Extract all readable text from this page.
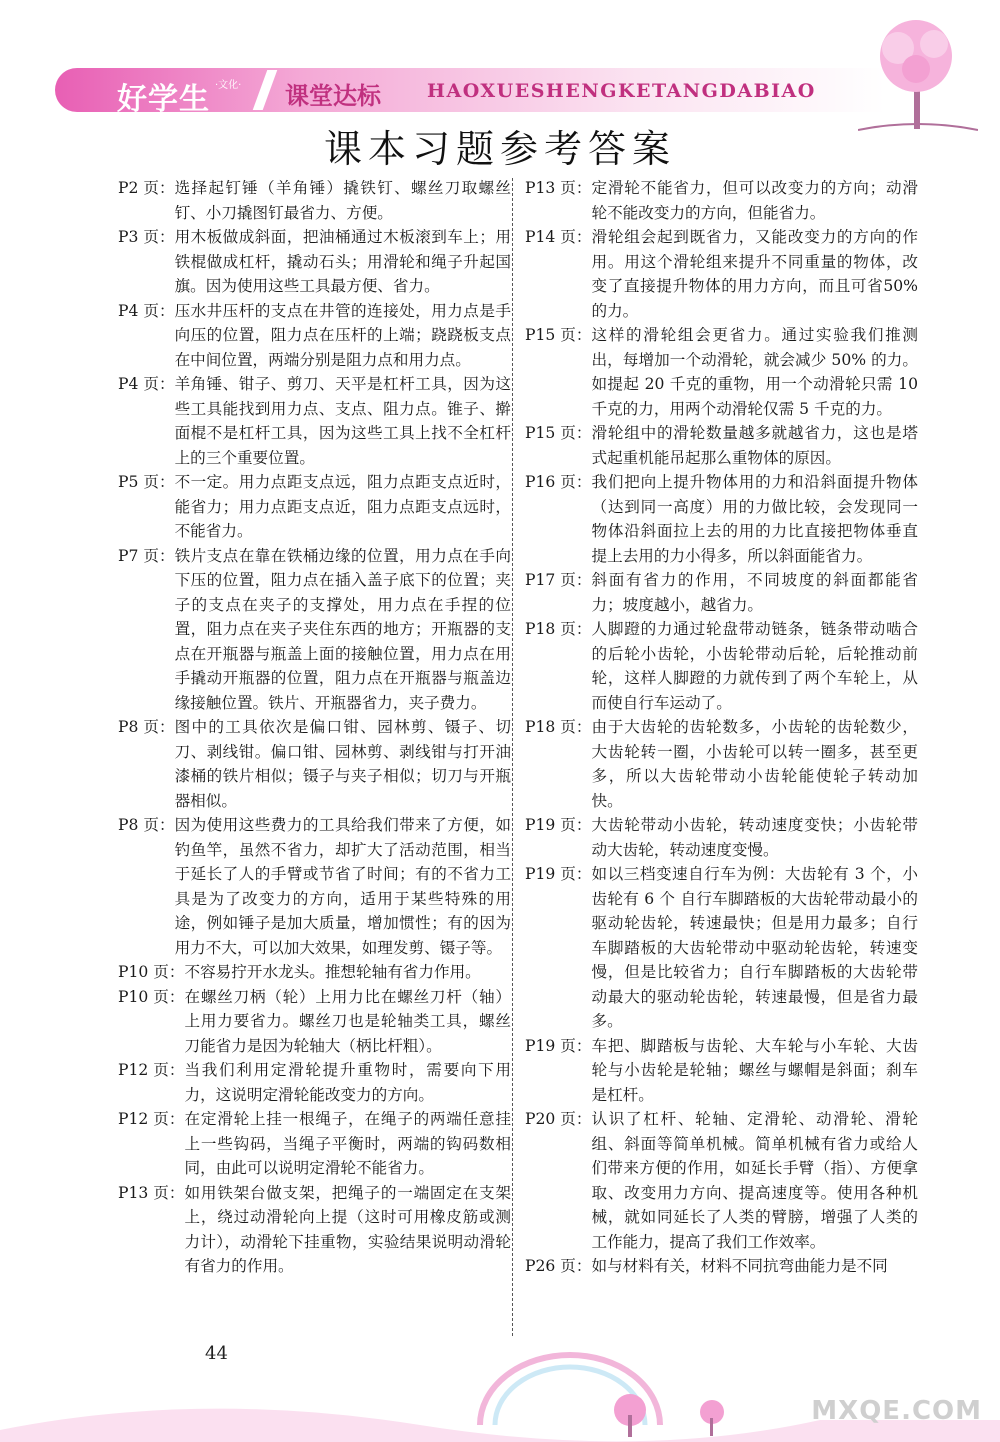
好学生 ·文化· 课堂达标 HAOXUESHENGKETANGDABIAO
课本习题参考答案
P2 页： 选择起钉锤（羊角锤）撬铁钉、螺丝刀取螺丝钉、小刀撬图钉最省力、方便。
P3 页： 用木板做成斜面，把油桶通过木板滚到车上；用铁棍做成杠杆，撬动石头；用滑轮和绳子升起国旗。因为使用这些工具最方便、省力。
P4 页： 压水井压杆的支点在井管的连接处，用力点是手向压的位置，阻力点在压杆的上端；跷跷板支点在中间位置，两端分别是阻力点和用力点。
P4 页： 羊角锤、钳子、剪刀、天平是杠杆工具，因为这些工具能找到用力点、支点、阻力点。锥子、擀面棍不是杠杆工具，因为这些工具上找不全杠杆上的三个重要位置。
P5 页： 不一定。用力点距支点远，阻力点距支点近时，能省力；用力点距支点近，阻力点距支点远时，不能省力。
P7 页： 铁片支点在靠在铁桶边缘的位置，用力点在手向下压的位置，阻力点在插入盖子底下的位置；夹子的支点在夹子的支撑处，用力点在手捏的位置，阻力点在夹子夹住东西的地方；开瓶器的支点在开瓶器与瓶盖上面的接触位置，用力点在用手撬动开瓶器的位置，阻力点在开瓶器与瓶盖边缘接触位置。铁片、开瓶器省力，夹子费力。
P8 页： 图中的工具依次是偏口钳、园林剪、镊子、切刀、剥线钳。偏口钳、园林剪、剥线钳与打开油漆桶的铁片相似；镊子与夹子相似；切刀与开瓶器相似。
P8 页： 因为使用这些费力的工具给我们带来了方便，如钓鱼竿，虽然不省力，却扩大了活动范围，相当于延长了人的手臂或节省了时间；有的不省力工具是为了改变力的方向，适用于某些特殊的用途，例如锤子是加大质量，增加惯性；有的因为用力不大，可以加大效果，如理发剪、镊子等。
P10 页： 不容易拧开水龙头。推想轮轴有省力作用。
P10 页： 在螺丝刀柄（轮）上用力比在螺丝刀杆（轴）上用力要省力。螺丝刀也是轮轴类工具，螺丝刀能省力是因为轮轴大（柄比杆粗）。
P12 页： 当我们利用定滑轮提升重物时，需要向下用力，这说明定滑轮能改变力的方向。
P12 页： 在定滑轮上挂一根绳子，在绳子的两端任意挂上一些钩码，当绳子平衡时，两端的钩码数相同，由此可以说明定滑轮不能省力。
P13 页： 如用铁架台做支架，把绳子的一端固定在支架上，绕过动滑轮向上提（这时可用橡皮筋或测力计），动滑轮下挂重物，实验结果说明动滑轮有省力的作用。
P13 页： 定滑轮不能省力，但可以改变力的方向；动滑轮不能改变力的方向，但能省力。
P14 页： 滑轮组会起到既省力，又能改变力的方向的作用。用这个滑轮组来提升不同重量的物体，改变了直接提升物体的用力方向，而且可省50%的力。
P15 页： 这样的滑轮组会更省力。通过实验我们推测出，每增加一个动滑轮，就会减少 50% 的力。如提起 20 千克的重物，用一个动滑轮只需 10 千克的力，用两个动滑轮仅需 5 千克的力。
P15 页： 滑轮组中的滑轮数量越多就越省力，这也是塔式起重机能吊起那么重物体的原因。
P16 页： 我们把向上提升物体用的力和沿斜面提升物体（达到同一高度）用的力做比较，会发现同一物体沿斜面拉上去的用的力比直接把物体垂直提上去用的力小得多，所以斜面能省力。
P17 页： 斜面有省力的作用，不同坡度的斜面都能省力；坡度越小，越省力。
P18 页： 人脚蹬的力通过轮盘带动链条，链条带动啮合的后轮小齿轮，小齿轮带动后轮，后轮推动前轮，这样人脚蹬的力就传到了两个车轮上，从而使自行车运动了。
P18 页： 由于大齿轮的齿轮数多，小齿轮的齿轮数少，大齿轮转一圈，小齿轮可以转一圈多，甚至更多，所以大齿轮带动小齿轮能使轮子转动加快。
P19 页： 大齿轮带动小齿轮，转动速度变快；小齿轮带动大齿轮，转动速度变慢。
P19 页： 如以三档变速自行车为例：大齿轮有 3 个，小齿轮有 6 个 自行车脚踏板的大齿轮带动最小的驱动轮齿轮，转速最快；但是用力最多；自行车脚踏板的大齿轮带动中驱动轮齿轮，转速变慢，但是比较省力；自行车脚踏板的大齿轮带动最大的驱动轮齿轮，转速最慢，但是省力最多。
P19 页： 车把、脚踏板与齿轮、大车轮与小车轮、大齿轮与小齿轮是轮轴；螺丝与螺帽是斜面；刹车是杠杆。
P20 页： 认识了杠杆、轮轴、定滑轮、动滑轮、滑轮组、斜面等简单机械。简单机械有省力或给人们带来方便的作用，如延长手臂（指）、方便拿取、改变用力方向、提高速度等。使用各种机械，就如同延长了人类的臂膀，增强了人类的工作能力，提高了我们工作效率。
P26 页： 如与材料有关，材料不同抗弯曲能力是不同
44
MXQE.COM
